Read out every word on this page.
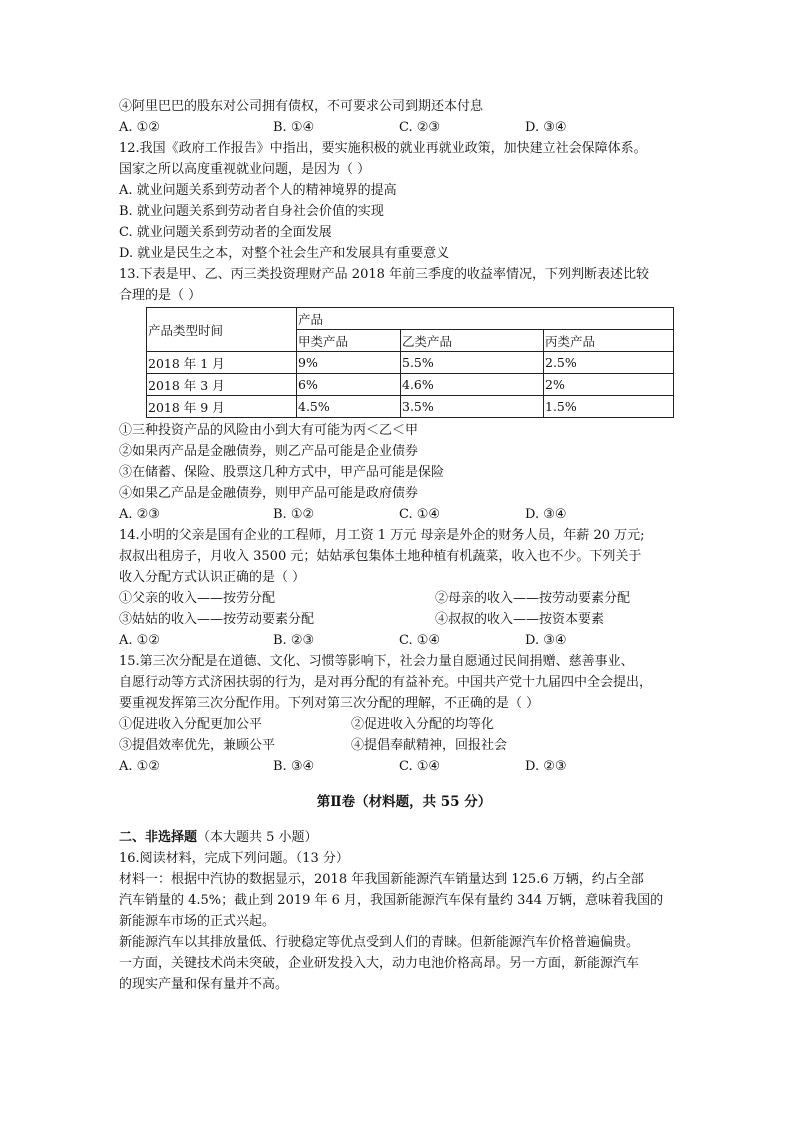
④阿里巴巴的股东对公司拥有债权，不可要求公司到期还本付息
A. ①②	B. ①④	C. ②③	D. ③④
12.我国《政府工作报告》中指出，要实施积极的就业再就业政策，加快建立社会保障体系。
国家之所以高度重视就业问题，是因为（ ）
A. 就业问题关系到劳动者个人的精神境界的提高
B. 就业问题关系到劳动者自身社会价值的实现
C. 就业问题关系到劳动者的全面发展
D. 就业是民生之本，对整个社会生产和发展具有重要意义
13.下表是甲、乙、丙三类投资理财产品 2018 年前三季度的收益率情况，下列判断表述比较
合理的是（ ）
产品类型时间	产品		
	甲类产品	乙类产品	丙类产品
2018 年 1 月	9%	5.5%	2.5%
2018 年 3 月	6%	4.6%	2%
2018 年 9 月	4.5%	3.5%	1.5%
①三种投资产品的风险由小到大有可能为丙＜乙＜甲
②如果丙产品是金融债券，则乙产品可能是企业债券
③在储蓄、保险、股票这几种方式中，甲产品可能是保险
④如果乙产品是金融债券，则甲产品可能是政府债券
A. ②③	B. ①②	C. ①④	D. ③④
14.小明的父亲是国有企业的工程师，月工资 1 万元 母亲是外企的财务人员，年薪 20 万元;
叔叔出租房子，月收入 3500 元；姑姑承包集体土地种植有机蔬菜，收入也不少。下列关于
收入分配方式认识正确的是（ ）
①父亲的收入——按劳分配	②母亲的收入——按劳动要素分配
③姑姑的收入——按劳动要素分配	④叔叔的收入——按资本要素
A. ①②	B. ②③	C. ①④	D. ③④
15.第三次分配是在道德、文化、习惯等影响下，社会力量自愿通过民间捐赠、慈善事业、
自愿行动等方式济困扶弱的行为，是对再分配的有益补充。中国共产党十九届四中全会提出，
要重视发挥第三次分配作用。下列对第三次分配的理解，不正确的是（ ）
①促进收入分配更加公平	②促进收入分配的均等化
③提倡效率优先，兼顾公平	④提倡奉献精神，回报社会
A. ①②	B. ③④	C. ①④	D. ②③
第Ⅱ卷（材料题，共 55 分）
二、非选择题（本大题共 5 小题）
16.阅读材料，完成下列问题。（13 分）
材料一：根据中汽协的数据显示，2018 年我国新能源汽车销量达到 125.6 万辆，约占全部
汽车销量的 4.5%；截止到 2019 年 6 月，我国新能源汽车保有量约 344 万辆，意味着我国的
新能源车市场的正式兴起。
新能源汽车以其排放量低、行驶稳定等优点受到人们的青睐。但新能源汽车价格普遍偏贵。
一方面，关键技术尚未突破，企业研发投入大，动力电池价格高昂。另一方面，新能源汽车
的现实产量和保有量并不高。
